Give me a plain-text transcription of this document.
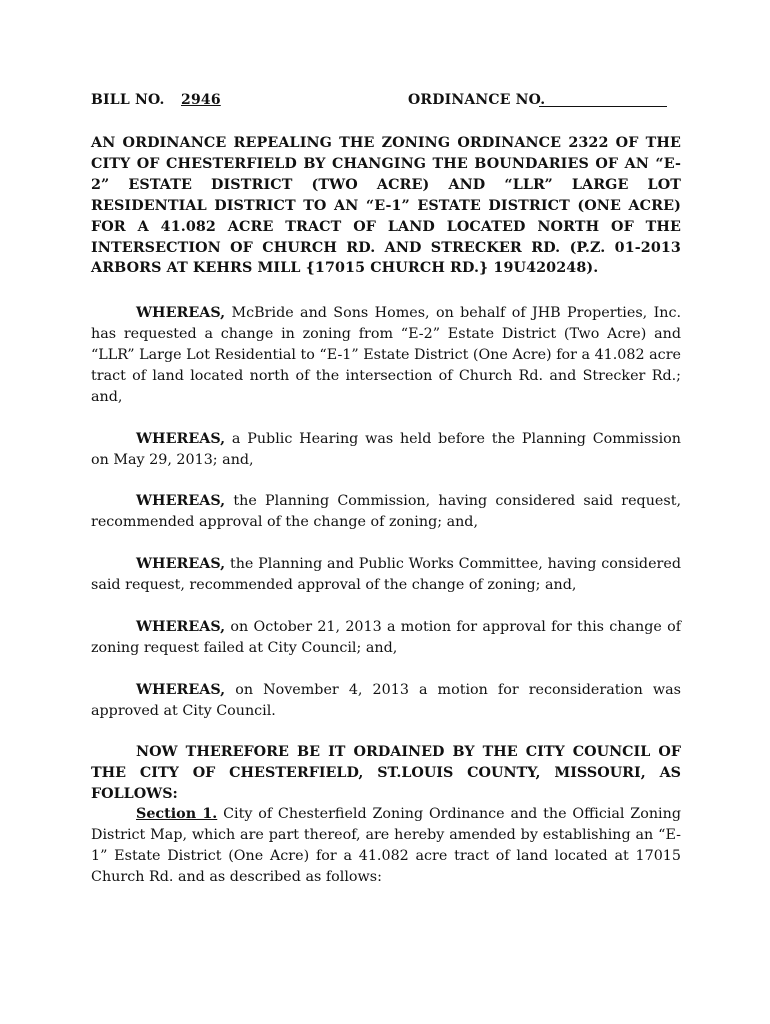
BILL NO. 2946	ORDINANCE NO.
AN ORDINANCE REPEALING THE ZONING ORDINANCE 2322 OF THE CITY OF CHESTERFIELD BY CHANGING THE BOUNDARIES OF AN “E-2” ESTATE DISTRICT (TWO ACRE) AND “LLR” LARGE LOT RESIDENTIAL DISTRICT TO AN “E-1” ESTATE DISTRICT (ONE ACRE) FOR A 41.082 ACRE TRACT OF LAND LOCATED NORTH OF THE INTERSECTION OF CHURCH RD. AND STRECKER RD. (P.Z. 01-2013 ARBORS AT KEHRS MILL {17015 CHURCH RD.} 19U420248).
WHEREAS, McBride and Sons Homes, on behalf of JHB Properties, Inc. has requested a change in zoning from “E-2” Estate District (Two Acre) and “LLR” Large Lot Residential to “E-1” Estate District (One Acre) for a 41.082 acre tract of land located north of the intersection of Church Rd. and Strecker Rd.; and,
WHEREAS, a Public Hearing was held before the Planning Commission on May 29, 2013; and,
WHEREAS, the Planning Commission, having considered said request, recommended approval of the change of zoning; and,
WHEREAS, the Planning and Public Works Committee, having considered said request, recommended approval of the change of zoning; and,
WHEREAS, on October 21, 2013 a motion for approval for this change of zoning request failed at City Council; and,
WHEREAS, on November 4, 2013 a motion for reconsideration was approved at City Council.
NOW THEREFORE BE IT ORDAINED BY THE CITY COUNCIL OF THE CITY OF CHESTERFIELD, ST.LOUIS COUNTY, MISSOURI, AS FOLLOWS:
Section 1. City of Chesterfield Zoning Ordinance and the Official Zoning District Map, which are part thereof, are hereby amended by establishing an “E-1” Estate District (One Acre) for a 41.082 acre tract of land located at 17015 Church Rd. and as described as follows:
